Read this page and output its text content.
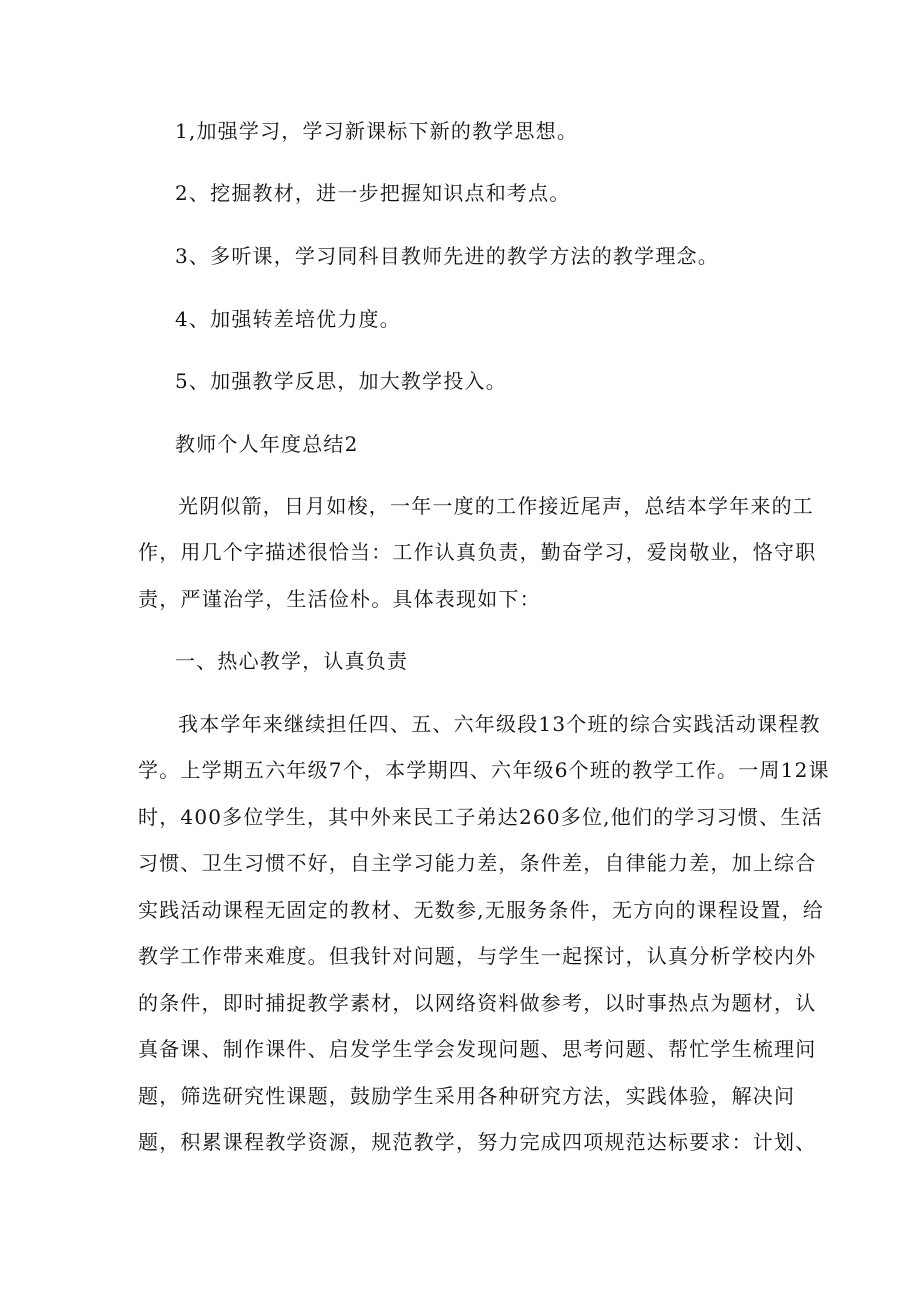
1,加强学习，学习新课标下新的教学思想。
2、挖掘教材，进一步把握知识点和考点。
3、多听课，学习同科目教师先进的教学方法的教学理念。
4、加强转差培优力度。
5、加强教学反思，加大教学投入。
教师个人年度总结2
光阴似箭，日月如梭，一年一度的工作接近尾声，总结本学年来的工
作，用几个字描述很恰当：工作认真负责，勤奋学习，爱岗敬业，恪守职
责，严谨治学，生活俭朴。具体表现如下：
一、热心教学，认真负责
我本学年来继续担任四、五、六年级段13个班的综合实践活动课程教
学。上学期五六年级7个，本学期四、六年级6个班的教学工作。一周12课
时，400多位学生，其中外来民工子弟达260多位,他们的学习习惯、生活
习惯、卫生习惯不好，自主学习能力差，条件差，自律能力差，加上综合
实践活动课程无固定的教材、无数参,无服务条件，无方向的课程设置，给
教学工作带来难度。但我针对问题，与学生一起探讨，认真分析学校内外
的条件，即时捕捉教学素材，以网络资料做参考，以时事热点为题材，认
真备课、制作课件、启发学生学会发现问题、思考问题、帮忙学生梳理问
题，筛选研究性课题，鼓励学生采用各种研究方法，实践体验，解决问
题，积累课程教学资源，规范教学，努力完成四项规范达标要求：计划、
